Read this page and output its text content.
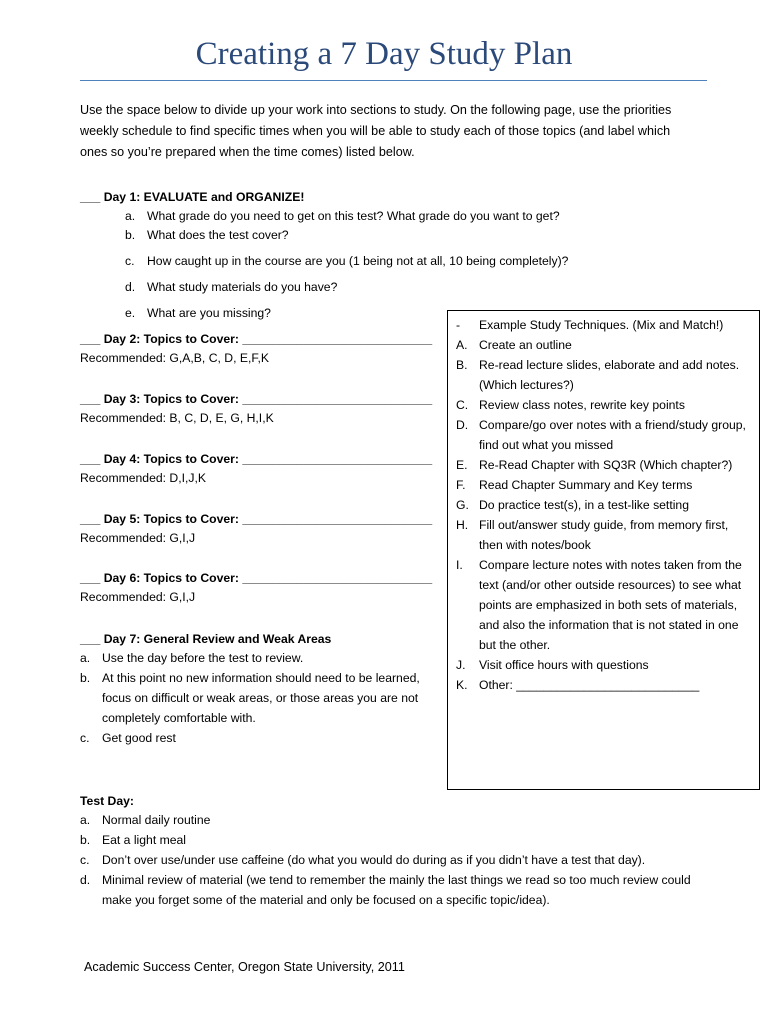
Creating a 7 Day Study Plan

Use the space below to divide up your work into sections to study. On the following page, use the priorities weekly schedule to find specific times when you will be able to study each of those topics (and label which ones so you’re prepared when the time comes) listed below.

___ Day 1: EVALUATE and ORGANIZE!
a. What grade do you need to get on this test? What grade do you want to get?
b. What does the test cover?
c. How caught up in the course are you (1 being not at all, 10 being completely)?
d. What study materials do you have?
e. What are you missing?
___ Day 2: Topics to Cover: ____________________________
Recommended: G,A,B, C, D, E,F,K
___ Day 3: Topics to Cover: ____________________________
Recommended: B, C, D, E, G, H,I,K
___ Day 4: Topics to Cover: ____________________________
Recommended: D,I,J,K
___ Day 5: Topics to Cover: ____________________________
Recommended: G,I,J
___ Day 6: Topics to Cover: ____________________________
Recommended: G,I,J
___ Day 7: General Review and Weak Areas
a. Use the day before the test to review.
b. At this point no new information should need to be learned, focus on difficult or weak areas, or those areas you are not completely comfortable with.
c. Get good rest
- Example Study Techniques. (Mix and Match!)
A. Create an outline
B. Re-read lecture slides, elaborate and add notes. (Which lectures?)
C. Review class notes, rewrite key points
D. Compare/go over notes with a friend/study group, find out what you missed
E. Re-Read Chapter with SQ3R (Which chapter?)
F. Read Chapter Summary and Key terms
G. Do practice test(s), in a test-like setting
H. Fill out/answer study guide, from memory first, then with notes/book
I. Compare lecture notes with notes taken from the text (and/or other outside resources) to see what points are emphasized in both sets of materials, and also the information that is not stated in one but the other.
J. Visit office hours with questions
K. Other: ___________________________
Test Day:
a. Normal daily routine
b. Eat a light meal
c. Don’t over use/under use caffeine (do what you would do during as if you didn’t have a test that day).
d. Minimal review of material (we tend to remember the mainly the last things we read so too much review could make you forget some of the material and only be focused on a specific topic/idea).
Academic Success Center, Oregon State University, 2011
